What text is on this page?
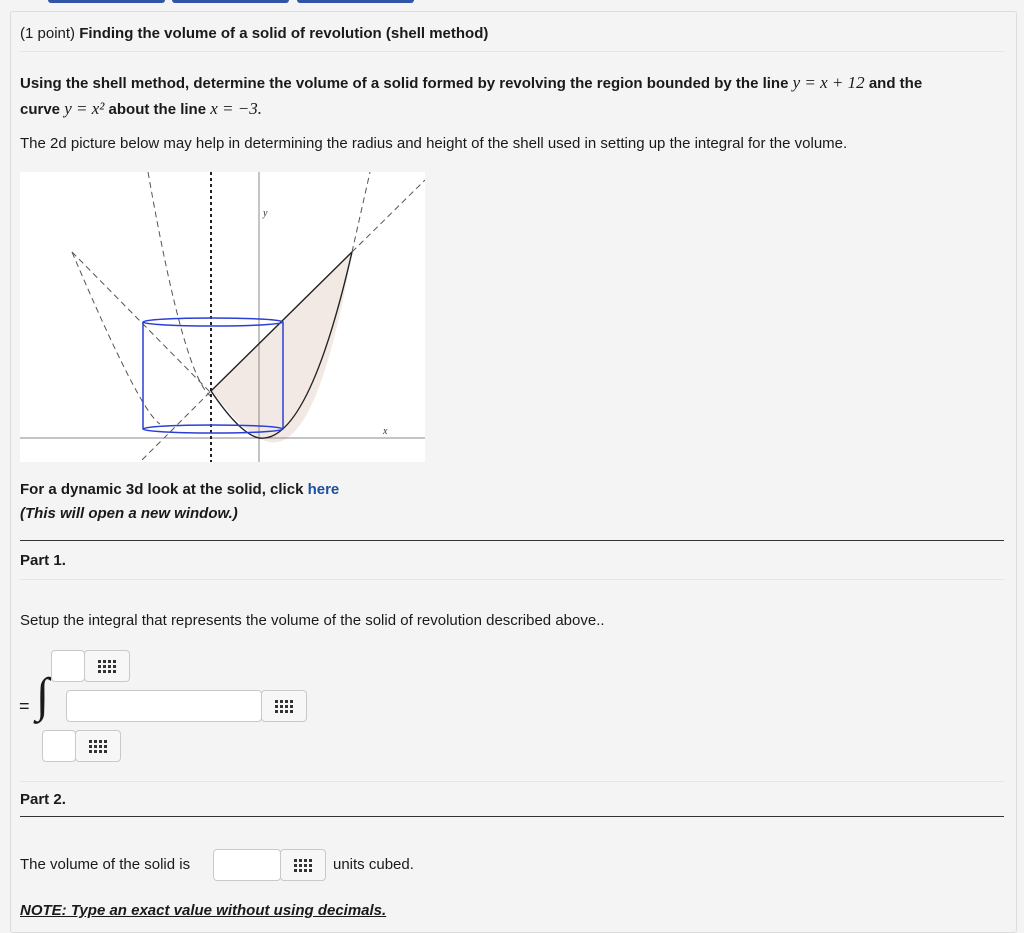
(1 point) Finding the volume of a solid of revolution (shell method)
Using the shell method, determine the volume of a solid formed by revolving the region bounded by the line y = x + 12 and the
curve y = x² about the line x = −3.
The 2d picture below may help in determining the radius and height of the shell used in setting up the integral for the volume.
y
x
For a dynamic 3d look at the solid, click here
(This will open a new window.)
Part 1.
Setup the integral that represents the volume of the solid of revolution described above..
= ∫
Part 2.
The volume of the solid is	units cubed.
NOTE: Type an exact value without using decimals.
